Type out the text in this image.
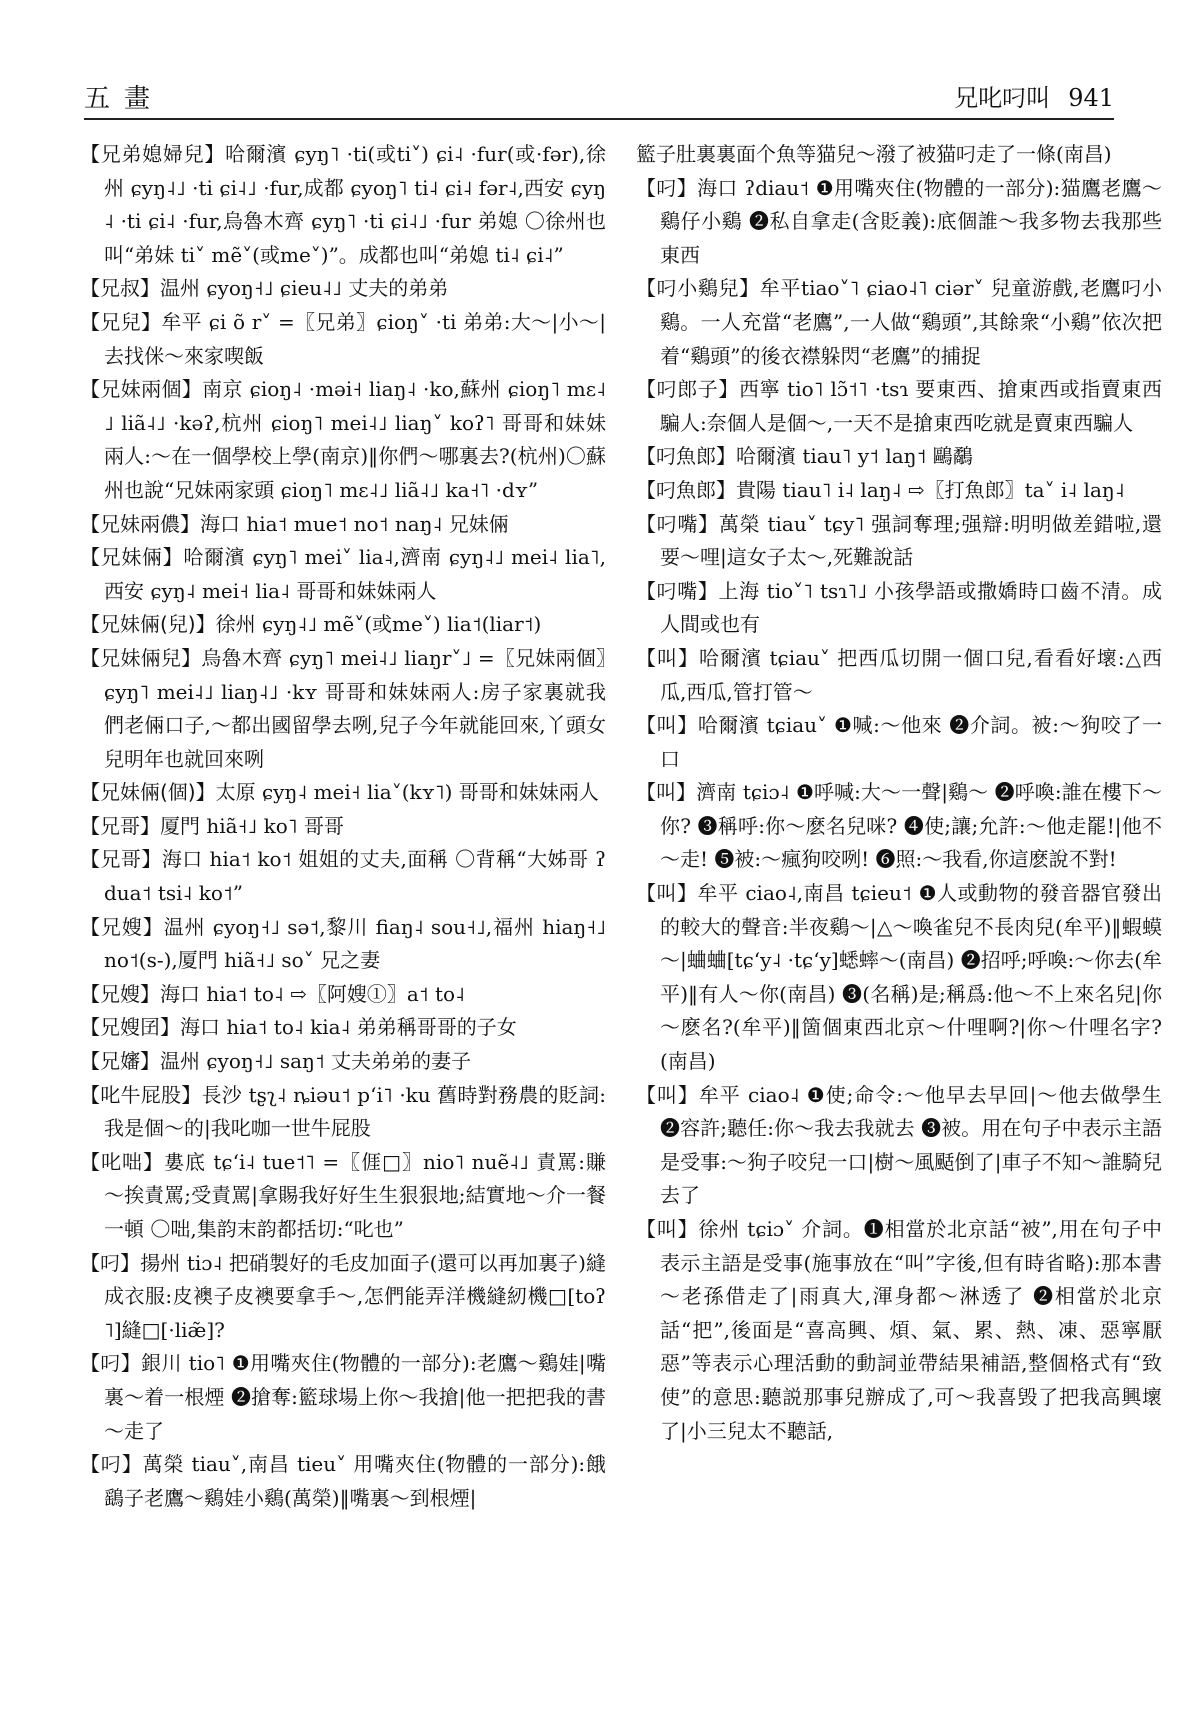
五畫	兄叱叼叫 941
【兄弟媳婦兒】哈爾濱 ɕyŋ˥ ·ti(或ti˅) ɕi˨ ·fur(或·fər),徐州 ɕyŋ˨˩ ·ti ɕi˨˩ ·fur,成都 ɕyoŋ˥ ti˨ ɕi˨ fər˨,西安 ɕyŋ˨ ·ti ɕi˨ ·fur,烏魯木齊 ɕyŋ˥ ·ti ɕi˨˩ ·fur 弟媳 〇徐州也叫“弟妹 ti˅ mẽ˅(或me˅)”。成都也叫“弟媳 ti˨ ɕi˨”
【兄叔】温州 ɕyoŋ˧˩ ɕieu˨˩ 丈夫的弟弟
【兄兒】牟平 ɕi õ r˅ =〖兄弟〗ɕioŋ˅ ·ti 弟弟:大～|小～|去找侎～來家喫飯
【兄妹兩個】南京 ɕioŋ˨ ·məi˧ liaŋ˨ ·ko,蘇州 ɕioŋ˥ mɛ˨˩ liã˨˩ ·kəʔ,杭州 ɕioŋ˥ mei˨˩ liaŋ˅ koʔ˥ 哥哥和妹妹兩人:～在一個學校上學(南京)‖你們～哪裏去?(杭州)〇蘇州也說“兄妹兩家頭 ɕioŋ˥ mɛ˨˩ liã˨˩ ka˧˥ ·dʏ”
【兄妹兩儂】海口 hia˦ mue˦ no˦ naŋ˨ 兄妹倆
【兄妹倆】哈爾濱 ɕyŋ˥ mei˅ lia˨,濟南 ɕyŋ˨˩ mei˨ lia˥,西安 ɕyŋ˨ mei˧ lia˨ 哥哥和妹妹兩人
【兄妹倆(兒)】徐州 ɕyŋ˨˩ mẽ˅(或me˅) lia˦(liar˦)
【兄妹倆兒】烏魯木齊 ɕyŋ˥ mei˨˩ liaŋr˅˩ =〖兄妹兩個〗ɕyŋ˥ mei˨˩ liaŋ˨˩ ·kʏ 哥哥和妹妹兩人:房子家裏就我們老倆口子,～都出國留學去咧,兒子今年就能回來,丫頭女兒明年也就回來咧
【兄妹倆(個)】太原 ɕyŋ˨ mei˧ lia˅(kʏ˥) 哥哥和妹妹兩人
【兄哥】厦門 hiã˧˩ ko˥ 哥哥
【兄哥】海口 hia˦ ko˦ 姐姐的丈夫,面稱 〇背稱“大姊哥 ʔdua˦ tsi˨ ko˦”
【兄嫂】温州 ɕyoŋ˧˩ sə˦,黎川 fiaŋ˨ sou˧˩,福州 hiaŋ˧˩ no˦(s-),厦門 hiã˧˩ so˅ 兄之妻
【兄嫂】海口 hia˦ to˨ ⇨〖阿嫂①〗a˦ to˨
【兄嫂囝】海口 hia˦ to˨ kia˨ 弟弟稱哥哥的子女
【兄嬸】温州 ɕyoŋ˧˩ saŋ˦ 丈夫弟弟的妻子
【叱牛屁股】長沙 tʂʅ˨ ȵiəu˦ pʻi˥ ·ku 舊時對務農的貶詞:我是個～的|我叱咖一世牛屁股
【叱咄】婁底 tɕʻi˨ tue˦˥ =〖𠊎□〗nio˥ nuẽ˨˩ 責罵:賺～挨責罵;受責罵|拿賜我好好生生狠狠地;結實地～介一餐一頓 〇咄,集韵末韵都括切:“叱也”
【叼】揚州 tiɔ˨ 把硝製好的毛皮加面子(還可以再加裏子)縫成衣服:皮襖子皮襖要拿手～,怎們能弄洋機縫紉機□[toʔ˥]縫□[·liæ̃]?
【叼】銀川 tio˥ ❶用嘴夾住(物體的一部分):老鷹～鷄娃|嘴裏～着一根煙 ❷搶奪:籃球場上你～我搶|他一把把我的書～走了
【叼】萬榮 tiau˅,南昌 tieu˅ 用嘴夾住(物體的一部分):餓鷂子老鷹～鷄娃小鷄(萬榮)‖嘴裏～到根煙|
籃子肚裏裏面个魚等猫兒～潑了被猫叼走了一條(南昌)
【叼】海口 ʔdiau˦ ❶用嘴夾住(物體的一部分):猫鷹老鷹～鷄仔小鷄 ❷私自拿走(含貶義):底個誰～我多物去我那些東西
【叼小鷄兒】牟平tiao˅˥ ɕiao˨˥ ciər˅ 兒童游戲,老鷹叼小鷄。一人充當“老鷹”,一人做“鷄頭”,其餘衆“小鷄”依次把着“鷄頭”的後衣襟躲閃“老鷹”的捕捉
【叼郎子】西寧 tio˥ lɔ̃˦˥ ·tsɿ 要東西、搶東西或指賣東西騙人:奈個人是個～,一天不是搶東西吃就是賣東西騙人
【叼魚郎】哈爾濱 tiau˥ y˦ laŋ˦ 鷗鷸
【叼魚郎】貴陽 tiau˥ i˨ laŋ˨ ⇨〖打魚郎〗ta˅ i˨ laŋ˨
【叼嘴】萬榮 tiau˅ tɕy˥ 强詞奪理;强辯:明明做差錯啦,還要～哩|這女子太～,死難說話
【叼嘴】上海 tio˅˥ tsɿ˥˩ 小孩學語或撒嬌時口齒不清。成人間或也有
【叫】哈爾濱 tɕiau˅ 把西瓜切開一個口兒,看看好壞:△西瓜,西瓜,管打管～
【叫】哈爾濱 tɕiau˅ ❶喊:～他來 ❷介詞。被:～狗咬了一口
【叫】濟南 tɕiɔ˨ ❶呼喊:大～一聲|鷄～ ❷呼喚:誰在樓下～你? ❸稱呼:你～麽名兒咪? ❹使;讓;允許:～他走罷!|他不～走! ❺被:～瘋狗咬咧! ❻照:～我看,你這麽說不對!
【叫】牟平 ciao˨,南昌 tɕieu˦ ❶人或動物的發音器官發出的較大的聲音:半夜鷄～|△～喚雀兒不長肉兒(牟平)‖蝦蟆～|蛐蛐[tɕʻy˨ ·tɕʻy]蟋蟀～(南昌) ❷招呼;呼喚:～你去(牟平)‖有人～你(南昌) ❸(名稱)是;稱爲:他～不上來名兒|你～麽名?(牟平)‖箇個東西北京～什哩啊?|你～什哩名字?(南昌)
【叫】牟平 ciao˨ ❶使;命令:～他早去早回|～他去做學生 ❷容許;聽任:你～我去我就去 ❸被。用在句子中表示主語是受事:～狗子咬兒一口|樹～風颳倒了|車子不知～誰騎兒去了
【叫】徐州 tɕiɔ˅ 介詞。❶相當於北京話“被”,用在句子中表示主語是受事(施事放在“叫”字後,但有時省略):那本書～老孫借走了|雨真大,渾身都～淋透了 ❷相當於北京話“把”,後面是“喜高興、煩、氣、累、熱、凍、惡寧厭惡”等表示心理活動的動詞並帶結果補語,整個格式有“致使”的意思:聽説那事兒辦成了,可～我喜毁了把我高興壞了|小三兒太不聽話,
